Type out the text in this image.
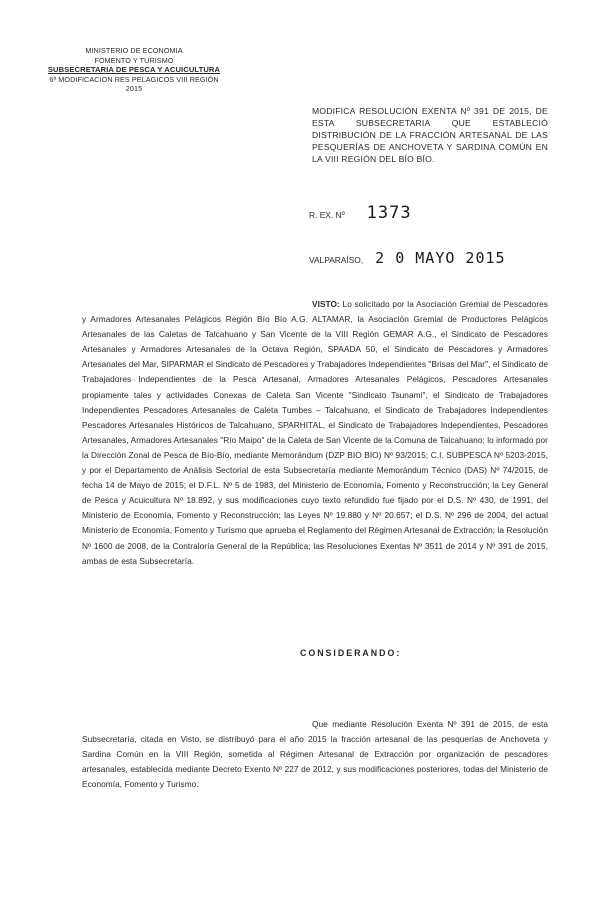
MINISTERIO DE ECONOMIA
FOMENTO Y TURISMO
SUBSECRETARIA DE PESCA Y ACUICULTURA
6ª MODIFICACION RES PELAGICOS VIII REGIÓN 2015
MODIFICA RESOLUCIÓN EXENTA Nº 391 DE 2015, DE ESTA SUBSECRETARIA QUE ESTABLECIÓ DISTRIBUCIÓN DE LA FRACCIÓN ARTESANAL DE LAS PESQUERÍAS DE ANCHOVETA Y SARDINA COMÚN EN LA VIII REGIÓN DEL BÍO BÍO.
R. EX. Nº 1373
VALPARAÍSO, 2 0 MAYO 2015
VISTO: Lo solicitado por la Asociación Gremial de Pescadores y Armadores Artesanales Pelágicos Región Bío Bío A.G. ALTAMAR, la Asociación Gremial de Productores Pelágicos Artesanales de las Caletas de Talcahuano y San Vicente de la VIII Región GEMAR A.G., el Sindicato de Pescadores Artesanales y Armadores Artesanales de la Octava Región, SPAADA 50, el Sindicato de Pescadores y Armadores Artesanales del Mar, SIPARMAR el Sindicato de Pescadores y Trabajadores Independientes "Brisas del Mar", el Sindicato de Trabajadores Independientes de la Pesca Artesanal, Armadores Artesanales Pelágicos, Pescadores Artesanales propiamente tales y actividades Conexas de Caleta San Vicente "Sindicato Tsunami", el Sindicato de Trabajadores Independientes Pescadores Artesanales de Caleta Tumbes – Talcahuano, el Sindicato de Trabajadores Independientes Pescadores Artesanales Históricos de Talcahuano, SPARHITAL, el Sindicato de Trabajadores Independientes, Pescadores Artesanales, Armadores Artesanales "Río Maipo" de la Caleta de San Vicente de la Comuna de Talcahuano; lo informado por la Dirección Zonal de Pesca de Bío-Bío, mediante Memorándum (DZP BIO BIO) Nº 93/2015; C.I. SUBPESCA Nº 5203-2015, y por el Departamento de Análisis Sectorial de esta Subsecretaría mediante Memorándum Técnico (DAS) Nº 74/2015, de fecha 14 de Mayo de 2015; el D.F.L. Nº 5 de 1983, del Ministerio de Economía, Fomento y Reconstrucción; la Ley General de Pesca y Acuicultura Nº 18.892, y sus modificaciones cuyo texto refundido fue fijado por el D.S. Nº 430, de 1991, del Ministerio de Economía, Fomento y Reconstrucción; las Leyes Nº 19.880 y Nº 20.657; el D.S. Nº 296 de 2004, del actual Ministerio de Economía, Fomento y Turismo que aprueba el Reglamento del Régimen Artesanal de Extracción; la Resolución Nº 1600 de 2008, de la Contraloría General de la República; las Resoluciones Exentas Nº 3511 de 2014 y Nº 391 de 2015, ambas de esta Subsecretaría.
CONSIDERANDO:
Que mediante Resolución Exenta Nº 391 de 2015, de esta Subsecretaría, citada en Visto, se distribuyó para el año 2015 la fracción artesanal de las pesquerías de Anchoveta y Sardina Común en la VIII Región, sometida al Régimen Artesanal de Extracción por organización de pescadores artesanales, establecida mediante Decreto Exento Nº 227 de 2012, y sus modificaciones posteriores, todas del Ministerio de Economía, Fomento y Turismo.
